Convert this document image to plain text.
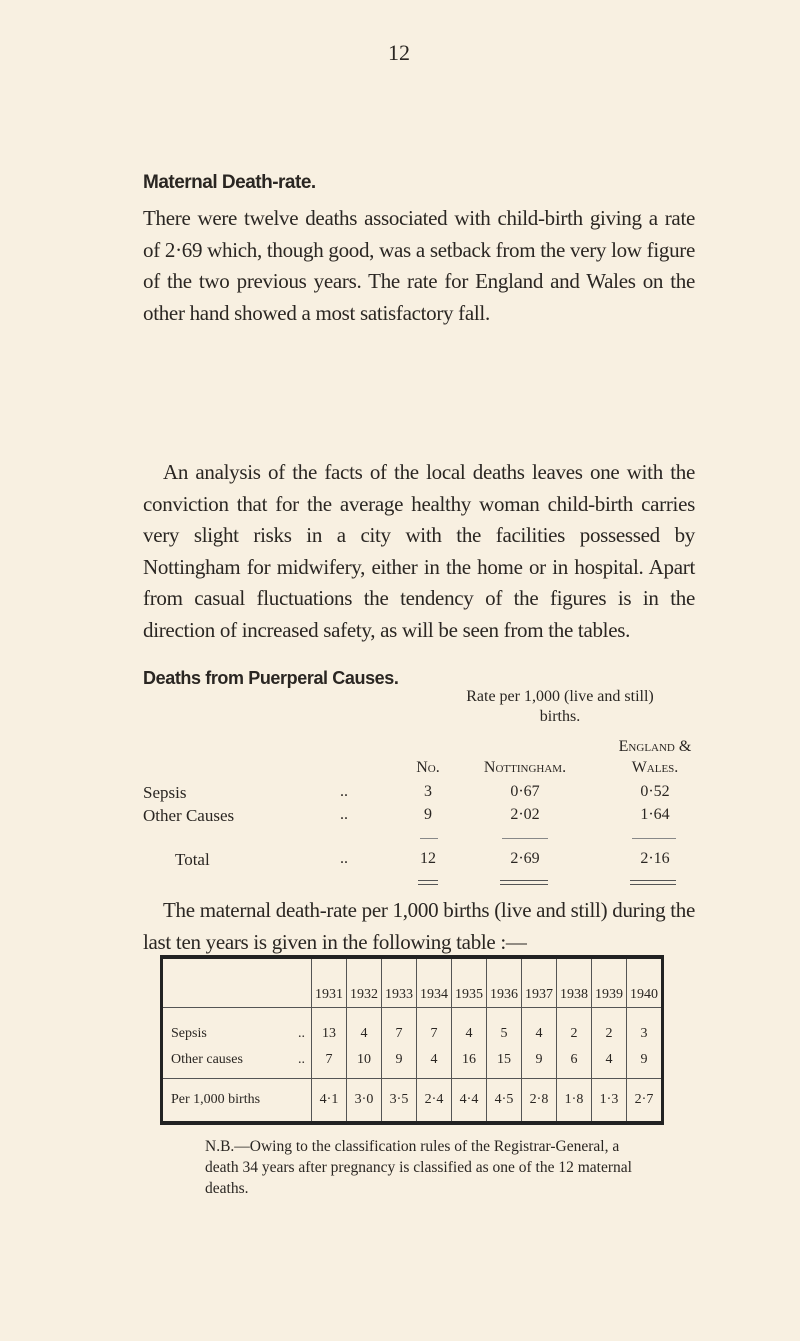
12
Maternal Death-rate.
There were twelve deaths associated with child-birth giving a rate of 2·69 which, though good, was a setback from the very low figure of the two previous years. The rate for England and Wales on the other hand showed a most satisfactory fall.
An analysis of the facts of the local deaths leaves one with the conviction that for the average healthy woman child-birth carries very slight risks in a city with the facilities possessed by Nottingham for midwifery, either in the home or in hospital. Apart from casual fluctuations the tendency of the figures is in the direction of increased safety, as will be seen from the tables.
Deaths from Puerperal Causes.
Rate per 1,000 (live and still)
births.
England &
No.	Nottingham.	Wales.
Sepsis	..	3	0·67	0·52
Other Causes	..	9	2·02	1·64
Total	..	12	2·69	2·16
The maternal death-rate per 1,000 births (live and still) during the last ten years is given in the following table :—
	1931	1932	1933	1934	1935	1936	1937	1938	1939	1940
Sepsis ..	13	4	7	7	4	5	4	2	2	3
Other causes ..	7	10	9	4	16	15	9	6	4	9
Per 1,000 births	4·1	3·0	3·5	2·4	4·4	4·5	2·8	1·8	1·3	2·7
N.B.—Owing to the classification rules of the Registrar-General, a death 34 years after pregnancy is classified as one of the 12 maternal deaths.
